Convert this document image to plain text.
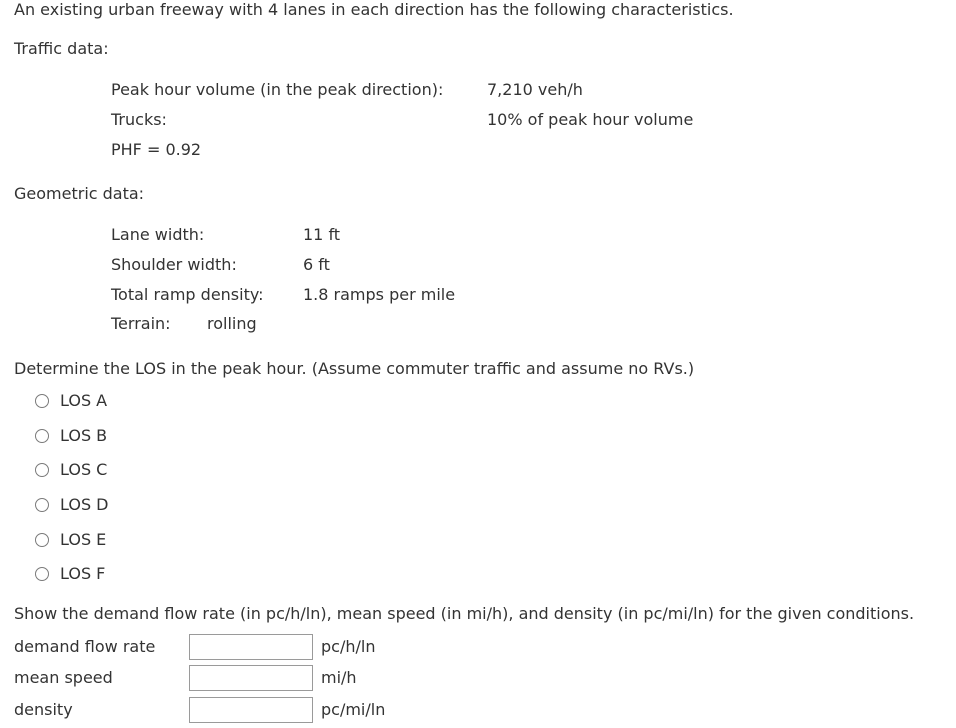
An existing urban freeway with 4 lanes in each direction has the following characteristics.
Traffic data:
Peak hour volume (in the peak direction):	7,210 veh/h
Trucks:	10% of peak hour volume
PHF = 0.92
Geometric data:
Lane width:	11 ft
Shoulder width:	6 ft
Total ramp density: 1.8 ramps per mile
Terrain: rolling
Determine the LOS in the peak hour. (Assume commuter traffic and assume no RVs.)
LOS A
LOS B
LOS C
LOS D
LOS E
LOS F
Show the demand flow rate (in pc/h/ln), mean speed (in mi/h), and density (in pc/mi/ln) for the given conditions.
demand flow rate	pc/h/ln
mean speed	mi/h
density	pc/mi/ln
